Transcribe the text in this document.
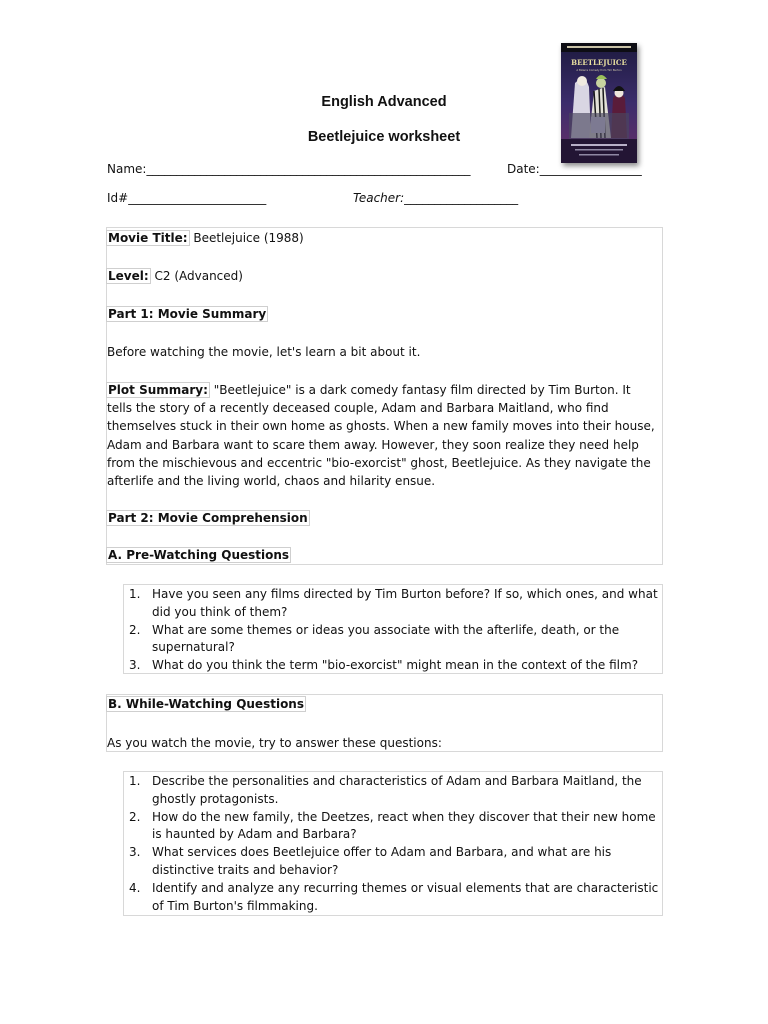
BEETLEJUICE
A Bizarre Comedy from Tim Burton
English Advanced
Beetlejuice worksheet
Name:______________________________________________________	Date:_________________
Id#_______________________	Teacher:___________________
Movie Title: Beetlejuice (1988)
Level: C2 (Advanced)
Part 1: Movie Summary
Before watching the movie, let's learn a bit about it.
Plot Summary: "Beetlejuice" is a dark comedy fantasy film directed by Tim Burton. It tells the story of a recently deceased couple, Adam and Barbara Maitland, who find themselves stuck in their own home as ghosts. When a new family moves into their house, Adam and Barbara want to scare them away. However, they soon realize they need help from the mischievous and eccentric "bio-exorcist" ghost, Beetlejuice. As they navigate the afterlife and the living world, chaos and hilarity ensue.
Part 2: Movie Comprehension
A. Pre-Watching Questions
1. Have you seen any films directed by Tim Burton before? If so, which ones, and what did you think of them?
2. What are some themes or ideas you associate with the afterlife, death, or the supernatural?
3. What do you think the term "bio-exorcist" might mean in the context of the film?
B. While-Watching Questions
As you watch the movie, try to answer these questions:
1. Describe the personalities and characteristics of Adam and Barbara Maitland, the ghostly protagonists.
2. How do the new family, the Deetzes, react when they discover that their new home is haunted by Adam and Barbara?
3. What services does Beetlejuice offer to Adam and Barbara, and what are his distinctive traits and behavior?
4. Identify and analyze any recurring themes or visual elements that are characteristic of Tim Burton's filmmaking.
